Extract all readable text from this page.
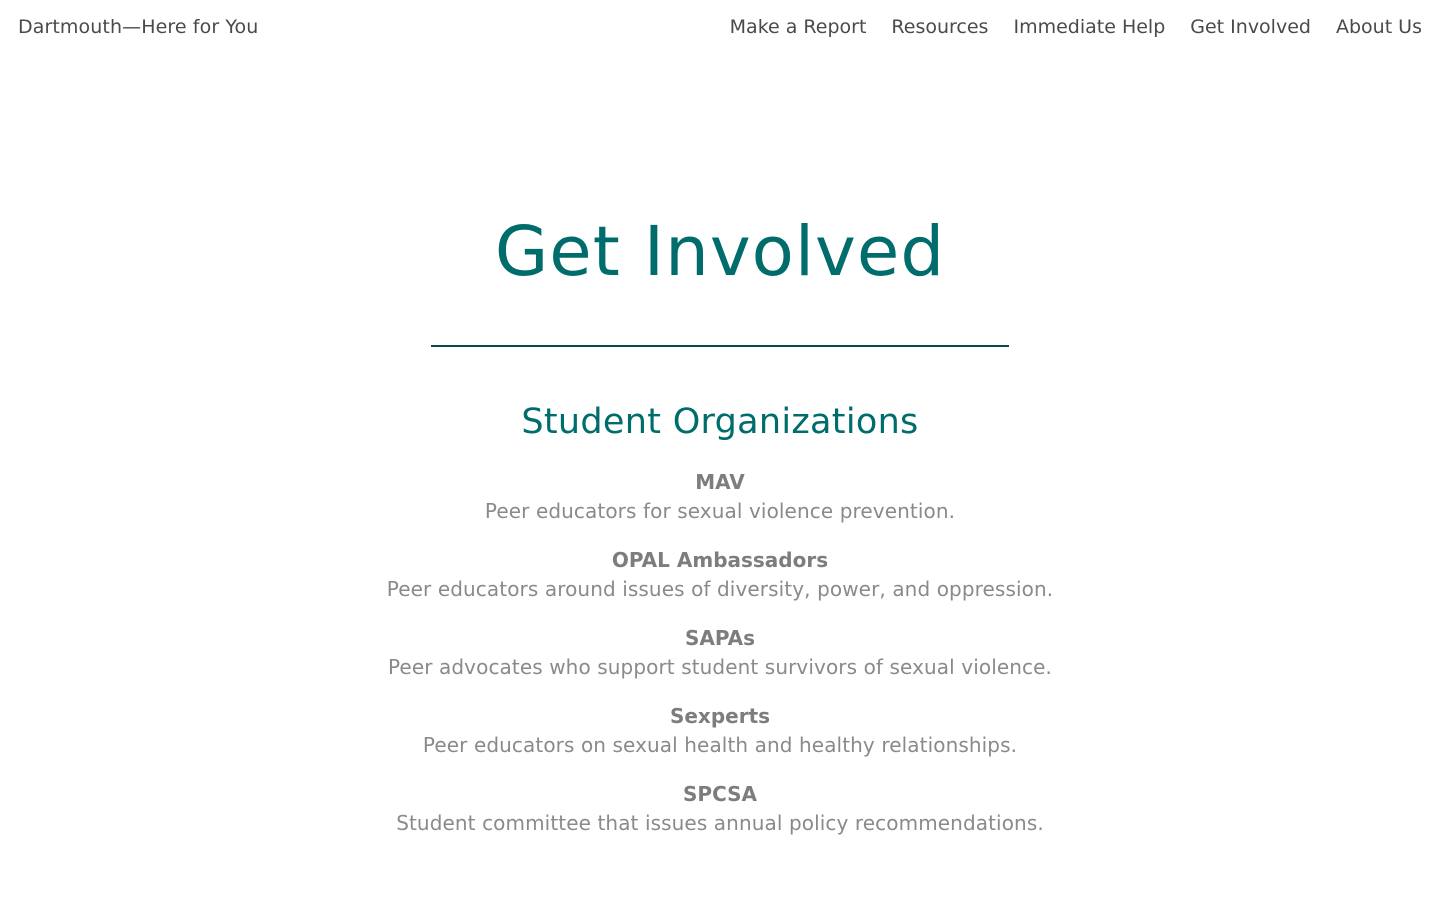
Dartmouth—Here for You	Make a Report Resources Immediate Help Get Involved About Us
Get Involved
Student Organizations
MAV
Peer educators for sexual violence prevention.
OPAL Ambassadors
Peer educators around issues of diversity, power, and oppression.
SAPAs
Peer advocates who support student survivors of sexual violence.
Sexperts
Peer educators on sexual health and healthy relationships.
SPCSA
Student committee that issues annual policy recommendations.
